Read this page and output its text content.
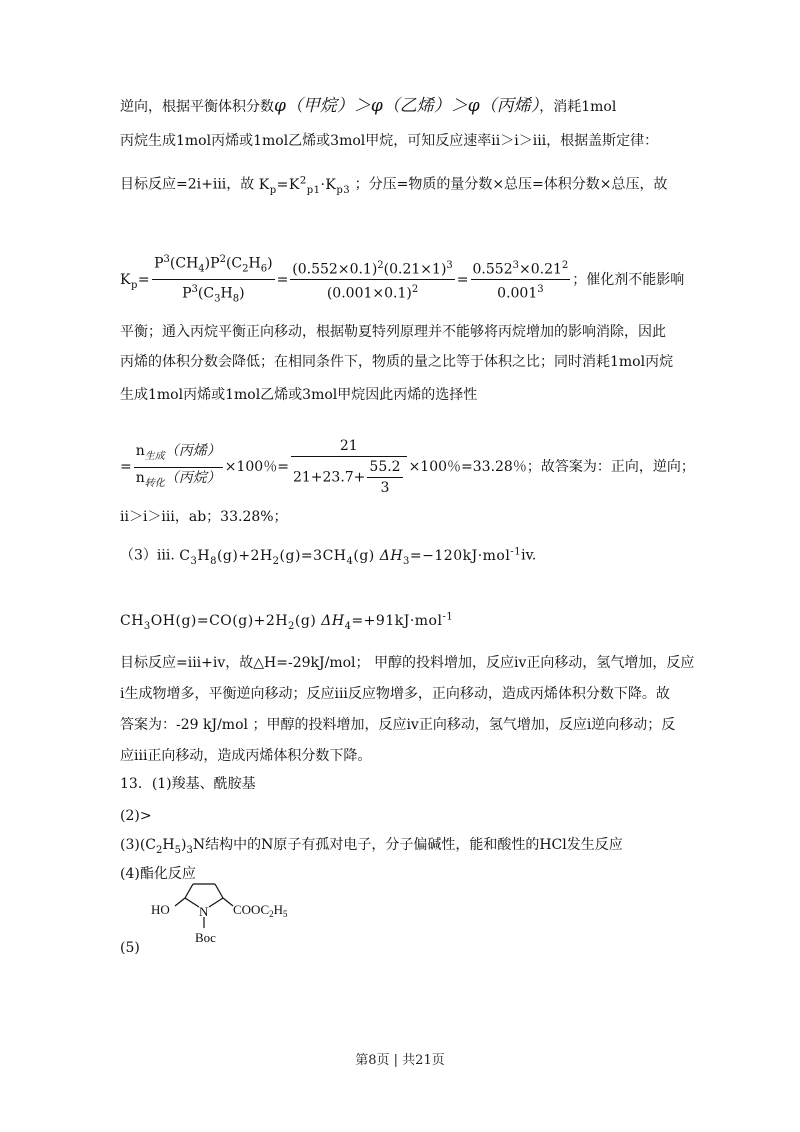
逆向，根据平衡体积分数φ（甲烷）＞φ（乙烯）＞φ（丙烯），消耗1mol
丙烷生成1mol丙烯或1mol乙烯或3mol甲烷，可知反应速率ⅱ＞ⅰ＞ⅲ，根据盖斯定律：
目标反应=2i+iii，故 $K_p=K^2_{p1}\cdot K_{p3}$ ；分压=物质的量分数×总压=体积分数×总压，故
$K_p= \frac{P^3(CH_4)P^2(C_2H_6)}{P^3(C_3H_8)} = \frac{(0.552\times 0.1)^2(0.21\times 1)^3}{(0.001\times 0.1)^2} = \frac{0.552^3\times 0.21^2}{0.001^3}$ ；催化剂不能影响
平衡；通入丙烷平衡正向移动，根据勒夏特列原理并不能够将丙烷增加的影响消除，因此
丙烯的体积分数会降低；在相同条件下，物质的量之比等于体积之比；同时消耗1mol丙烷
生成1mol丙烯或1mol乙烯或3mol甲烷因此丙烯的选择性
= $\frac{n_{生成}(丙烯)}{n_{转化}(丙烷)} \times 100$％= $\frac{21}{21+23.7+ \frac{55.2}{3}} \times 100$％=33.28％；故答案为：正向，逆向；
ⅱ＞ⅰ＞ⅲ，ab；33.28%；
（3）iii. $C_3H_8(g)+2H_2(g)=3CH_4(g)$ $\Delta H_3=-120kJ\cdot mol^{-1}iv$.
$CH_3OH(g)=CO(g)+2H_2(g)$ $\Delta H_4=+91kJ\cdot mol^{-1}$
目标反应=iii+iv，故△H=-29kJ/mol； 甲醇的投料增加，反应iv正向移动，氢气增加，反应
i生成物增多，平衡逆向移动；反应iii反应物增多，正向移动，造成丙烯体积分数下降。故
答案为：-29 kJ/mol ；甲醇的投料增加，反应iv正向移动，氢气增加，反应i逆向移动；反
应iii正向移动，造成丙烯体积分数下降。
13．(1)羧基、酰胺基
(2)>
$(3)(C_2H_5)_3N$结构中的N原子有孤对电子，分子偏碱性，能和酸性的HCl发生反应
(4)酯化反应
HO N $COOC_2H_5$
Boc
(5)
第8页 | 共21页
